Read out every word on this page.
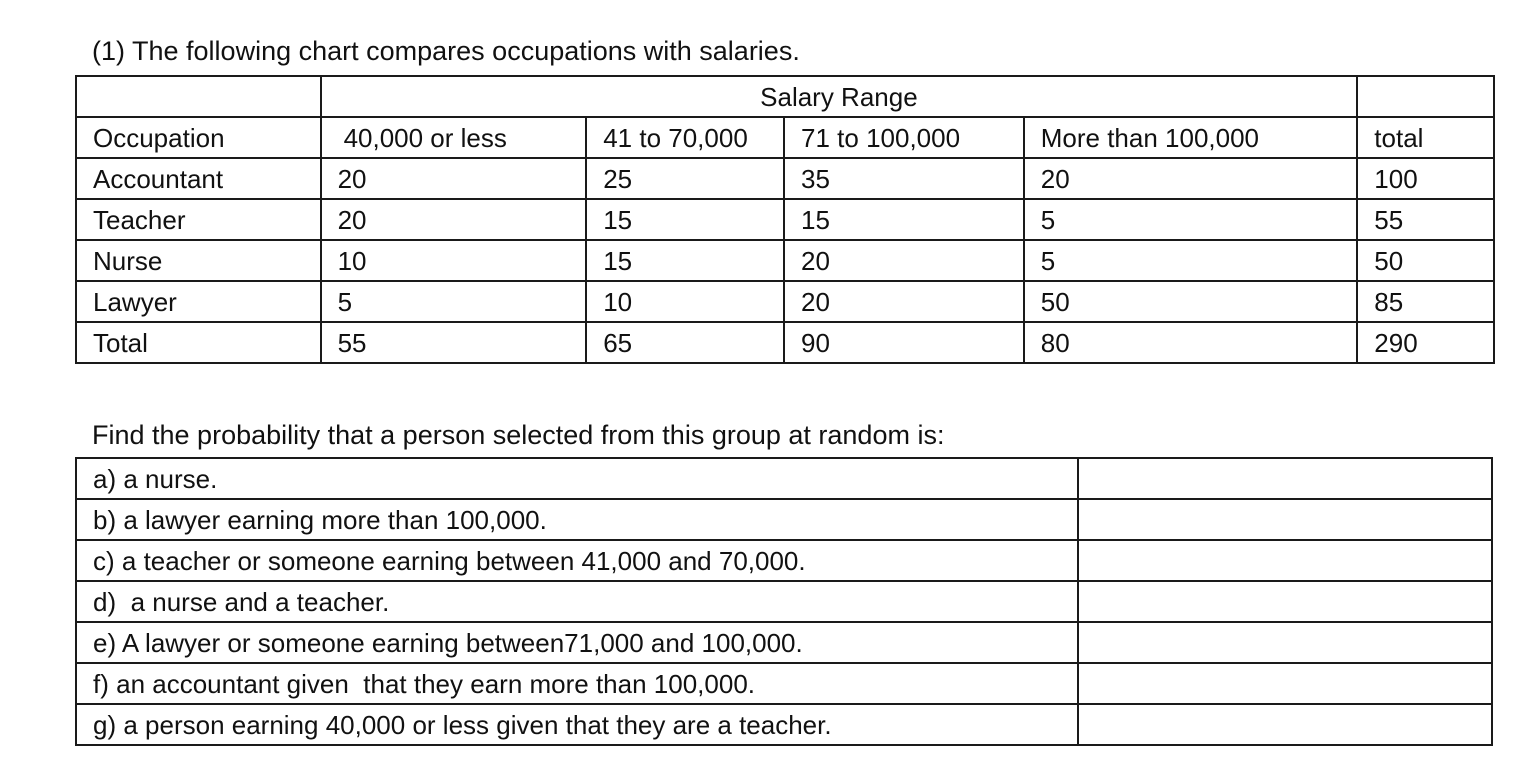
(1) The following chart compares occupations with salaries.
	Salary Range				
Occupation	40,000 or less	41 to 70,000	71 to 100,000	More than 100,000	total
Accountant	20	25	35	20	100
Teacher	20	15	15	5	55
Nurse	10	15	20	5	50
Lawyer	5	10	20	50	85
Total	55	65	90	80	290
Find the probability that a person selected from this group at random is:
a) a nurse.	
b) a lawyer earning more than 100,000.	
c) a teacher or someone earning between 41,000 and 70,000.	
d)  a nurse and a teacher.	
e) A lawyer or someone earning between71,000 and 100,000.	
f) an accountant given  that they earn more than 100,000.	
g) a person earning 40,000 or less given that they are a teacher.	
